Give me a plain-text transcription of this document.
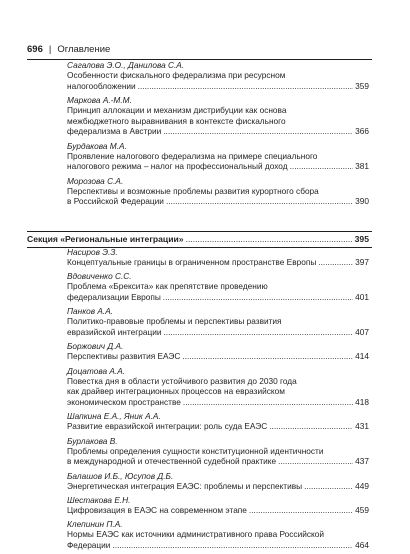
696 | Оглавление
Сагалова Э.О., Данилова С.А.
Особенности фискального федерализма при ресурсном
налогообложении .....	359
Маркова А.-М.М.
Принцип аллокации и механизм дистрибуции как основа
межбюджетного выравнивания в контексте фискального
федерализма в Австрии .....	366
Бурдакова М.А.
Проявление налогового федерализма на примере специального
налогового режима – налог на профессиональный доход .....	381
Морозова С.А.
Перспективы и возможные проблемы развития курортного сбора
в Российской Федерации .....	390
Секция «Региональные интеграции» .....	395
Насиров Э.З.
Концептуальные границы в ограниченном пространстве Европы .....	397
Вдовиченко С.С.
Проблема «Брексита» как препятствие проведению
федерализации Европы .....	401
Панков А.А.
Политико-правовые проблемы и перспективы развития
евразийской интеграции .....	407
Боржович Д.А.
Перспективы развития ЕАЭС .....	414
Доцатова А.А.
Повестка дня в области устойчивого развития до 2030 года
как драйвер интеграционных процессов на евразийском
экономическом пространстве .....	418
Шапкина Е.А., Яник А.А.
Развитие евразийской интеграции: роль суда ЕАЭС .....	431
Бурлакова В.
Проблемы определения сущности конституционной идентичности
в международной и отечественной судебной практике .....	437
Балашов И.Б., Юсупов Д.Б.
Энергетическая интеграция ЕАЭС: проблемы и перспективы .....	449
Шестакова Е.Н.
Цифровизация в ЕАЭС на современном этапе .....	459
Клепинин П.А.
Нормы ЕАЭС как источники административного права Российской
Федерации .....	464
